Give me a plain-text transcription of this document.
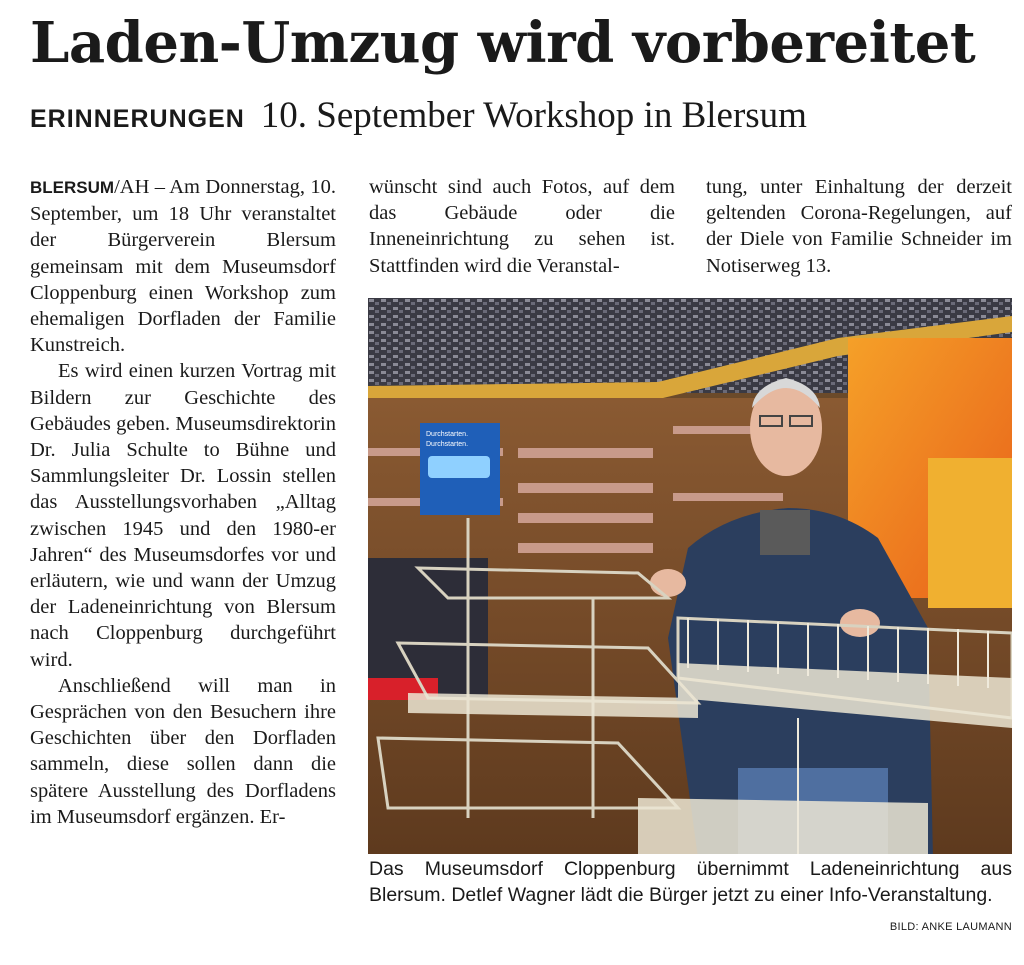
Laden-Umzug wird vorbereitet
ERINNERUNGEN 10. September Workshop in Blersum

BLERSUM/AH – Am Donnerstag, 10. September, um 18 Uhr veranstaltet der Bürgerverein Blersum gemeinsam mit dem Museumsdorf Cloppenburg einen Workshop zum ehemaligen Dorfladen der Familie Kunstreich.

Es wird einen kurzen Vortrag mit Bildern zur Geschichte des Gebäudes geben. Museumsdirektorin Dr. Julia Schulte to Bühne und Sammlungsleiter Dr. Lossin stellen das Ausstellungsvorhaben „Alltag zwischen 1945 und den 1980-er Jahren“ des Museumsdorfes vor und erläutern, wie und wann der Umzug der Ladeneinrichtung von Blersum nach Cloppenburg durchgeführt wird.

Anschließend will man in Gesprächen von den Besuchern ihre Geschichten über den Dorfladen sammeln, diese sollen dann die spätere Ausstellung des Dorfladens im Museumsdorf ergänzen. Er-

wünscht sind auch Fotos, auf dem das Gebäude oder die Inneneinrichtung zu sehen ist. Stattfinden wird die Veranstal-

tung, unter Einhaltung der derzeit geltenden Corona-Regelungen, auf der Diele von Familie Schneider im Notiserweg 13.

Durchstarten.
Durchstarten.
Das Museumsdorf Cloppenburg übernimmt Ladeneinrichtung aus Blersum. Detlef Wagner lädt die Bürger jetzt zu einer Info-Veranstaltung.
BILD: ANKE LAUMANN
